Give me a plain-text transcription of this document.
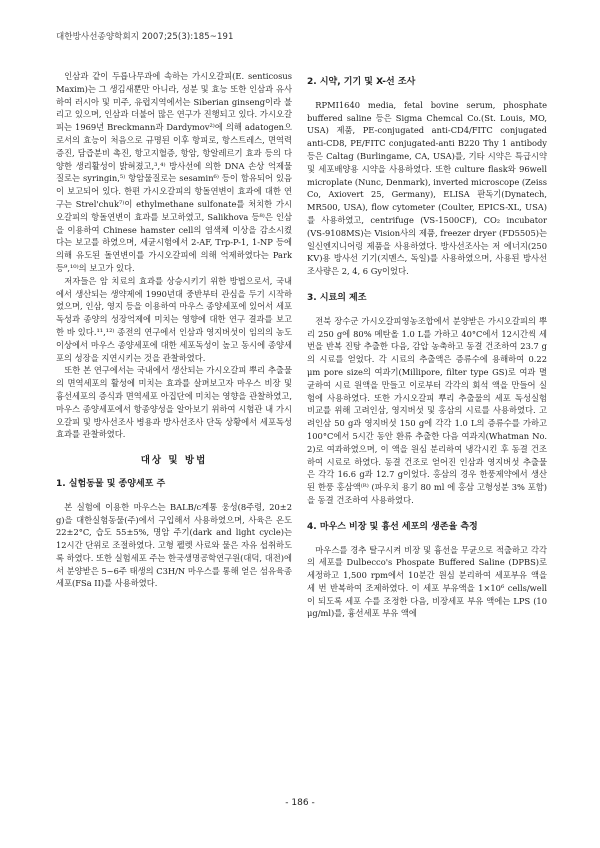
대한방사선종양학회지 2007;25(3):185~191

인삼과 같이 두릅나무과에 속하는 가시오갈피(E. senticosus Maxim)는 그 생김새뿐만 아니라, 성분 및 효능 또한 인삼과 유사하여 러시아 및 미주, 유럽지역에서는 Siberian ginseng이라 불리고 있으며, 인삼과 더불어 많은 연구가 진행되고 있다. 가시오갈피는 1969년 Breckmann과 Dardymov²⁾에 의해 adatogen으로서의 효능이 처음으로 규명된 이후 항피로, 항스트레스, 면역력 증진, 담즙분비 촉진, 항고지혈증, 항암, 항알레르기 효과 등의 다양한 생리활성이 밝혀졌고,³,⁴⁾ 방사선에 의한 DNA 손상 억제물질로는 syringin,⁵⁾ 항암물질로는 sesamin⁶⁾ 등이 함유되어 있음이 보고되어 있다. 한편 가시오갈피의 항돌연변이 효과에 대한 연구는 Strel'chuk⁷⁾이 ethylmethane sulfonate를 처치한 가시오갈피의 항돌연변이 효과를 보고하였고, Salikhova 등⁸⁾은 인삼을 이용하여 Chinese hamster cell의 염색체 이상을 감소시켰다는 보고를 하였으며, 세균시험에서 2-AF, Trp-P-1, 1-NP 등에 의해 유도된 돌연변이를 가시오갈피에 의해 억제하였다는 Park 등⁹,¹⁰⁾의 보고가 있다.

저자들은 암 치료의 효과를 상승시키기 위한 방법으로서, 국내에서 생산되는 생약제에 1990년대 중반부터 관심을 두기 시작하였으며, 인삼, 영지 등을 이용하여 마우스 종양세포에 있어서 세포 독성과 종양의 성장억제에 미치는 영향에 대한 연구 결과를 보고한 바 있다.¹¹,¹²⁾ 종전의 연구에서 인삼과 영지버섯이 임의의 농도 이상에서 마우스 종양세포에 대한 세포독성이 높고 동시에 종양세포의 성장을 지연시키는 것을 관찰하였다.

또한 본 연구에서는 국내에서 생산되는 가시오갈피 뿌리 추출물의 면역세포의 활성에 미치는 효과를 살펴보고자 마우스 비장 및 흉선세포의 증식과 면역세포 아집단에 미치는 영향을 관찰하였고, 마우스 종양세포에서 항종양성을 알아보기 위하여 시험관 내 가시오갈피 및 방사선조사 병용과 방사선조사 단독 상황에서 세포독성효과를 관찰하였다.

대상 및 방법
1. 실험동물 및 종양세포 주

본 실험에 이용한 마우스는 BALB/c계통 웅성(8주령, 20±2 g)을 대한실험동물(주)에서 구입해서 사용하였으며, 사육은 온도 22±2°C, 습도 55±5%, 명암 주기(dark and light cycle)는 12시간 단위로 조절하였다. 고형 펠렛 사료와 물은 자유 섭취하도록 하였다. 또한 실험세포 주는 한국생명공학연구원(대덕, 대전)에서 분양받은 5~6주 태생의 C3H/N 마우스를 통해 얻은 섬유육종 세포(FSa II)를 사용하였다.

2. 시약, 기기 및 X-선 조사

RPMI1640 media, fetal bovine serum, phosphate buffered saline 등은 Sigma Chemcal Co.(St. Louis, MO, USA) 제품, PE-conjugated anti-CD4/FITC conjugated anti-CD8, PE/FITC conjugated-anti B220 Thy 1 antibody 등은 Caltag (Burlingame, CA, USA)를, 기타 시약은 특급시약 및 세포배양용 시약을 사용하였다. 또한 culture flask와 96well microplate (Nunc, Denmark), inverted microscope (Zeiss Co, Axiovert 25, Germany), ELISA 판독기(Dynatech, MR500, USA), flow cytometer (Coulter, EPICS-XL, USA)를 사용하였고, centrifuge (VS-1500CF), CO₂ incubator (VS-9108MS)는 Vision사의 제품, freezer dryer (FD5505)는 일신엔지니어링 제품을 사용하였다. 방사선조사는 저 에너지(250 KV)용 방사선 기기(지멘스, 독일)를 사용하였으며, 사용된 방사선 조사량은 2, 4, 6 Gy이었다.

3. 시료의 제조

전북 장수군 가시오갈피영농조합에서 분양받은 가시오갈피의 뿌리 250 g에 80% 메탄올 1.0 L를 가하고 40°C에서 12시간씩 세 번을 반복 진탕 추출한 다음, 감압 농축하고 동결 건조하여 23.7 g의 시료를 얻었다. 각 시료의 추출액은 증류수에 용해하여 0.22 μm pore size의 여과기(Millipore, filter type GS)로 여과 멸균하여 시료 원액을 만들고 이로부터 각각의 회석 액을 만들어 실험에 사용하였다. 또한 가시오갈피 뿌리 추출물의 세포 독성실험 비교를 위해 고려인삼, 영지버섯 및 홍삼의 시료를 사용하였다. 고려인삼 50 g과 영지버섯 150 g에 각각 1.0 L의 증류수를 가하고 100°C에서 5시간 동안 환류 추출한 다음 여과지(Whatman No. 2)로 여과하였으며, 이 액을 원심 분리하여 냉각시킨 후 동결 건조하여 시료로 하였다. 동결 건조로 얻어진 인삼과 영지버섯 추출물은 각각 16.6 g과 12.7 g이었다. 홍삼의 경우 한풍제약에서 생산된 한풍 홍삼액⁽ᴿ⁾ (파우치 용기 80 ml 에 홍삼 고형성분 3% 포함)을 동결 건조하여 사용하였다.

4. 마우스 비장 및 흉선 세포의 생존율 측정

마우스를 경추 탈구시켜 비장 및 흉선을 무균으로 적출하고 각각의 세포를 Dulbecco's Phospate Buffered Saline (DPBS)로 세정하고 1,500 rpm에서 10분간 원심 분리하여 세포부유 액을 세 번 반복하여 조제하였다. 이 세포 부유액을 1×10⁶ cells/well이 되도록 세포 수를 조정한 다음, 비장세포 부유 액에는 LPS (10 μg/ml)를, 흉선세포 부유 액에

- 186 -
